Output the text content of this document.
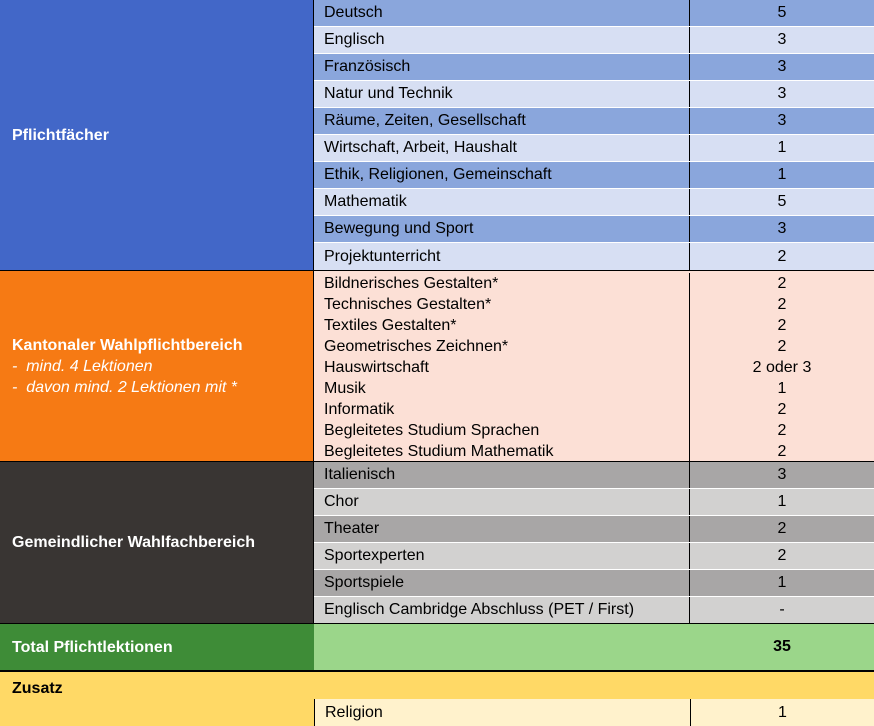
Pflichtfächer
Deutsch	5
Englisch	3
Französisch	3
Natur und Technik	3
Räume, Zeiten, Gesellschaft	3
Wirtschaft, Arbeit, Haushalt	1
Ethik, Religionen, Gemeinschaft	1
Mathematik	5
Bewegung und Sport	3
Projektunterricht	2
Kantonaler Wahlpflichtbereich
-  mind. 4 Lektionen
-  davon mind. 2 Lektionen mit *
Bildnerisches Gestalten*	2
Technisches Gestalten*	2
Textiles Gestalten*	2
Geometrisches Zeichnen*	2
Hauswirtschaft	2 oder 3
Musik	1
Informatik	2
Begleitetes Studium Sprachen	2
Begleitetes Studium Mathematik	2
Gemeindlicher Wahlfachbereich
Italienisch	3
Chor	1
Theater	2
Sportexperten	2
Sportspiele	1
Englisch Cambridge Abschluss (PET / First)	-
Total Pflichtlektionen	35
Zusatz
Religion	1
